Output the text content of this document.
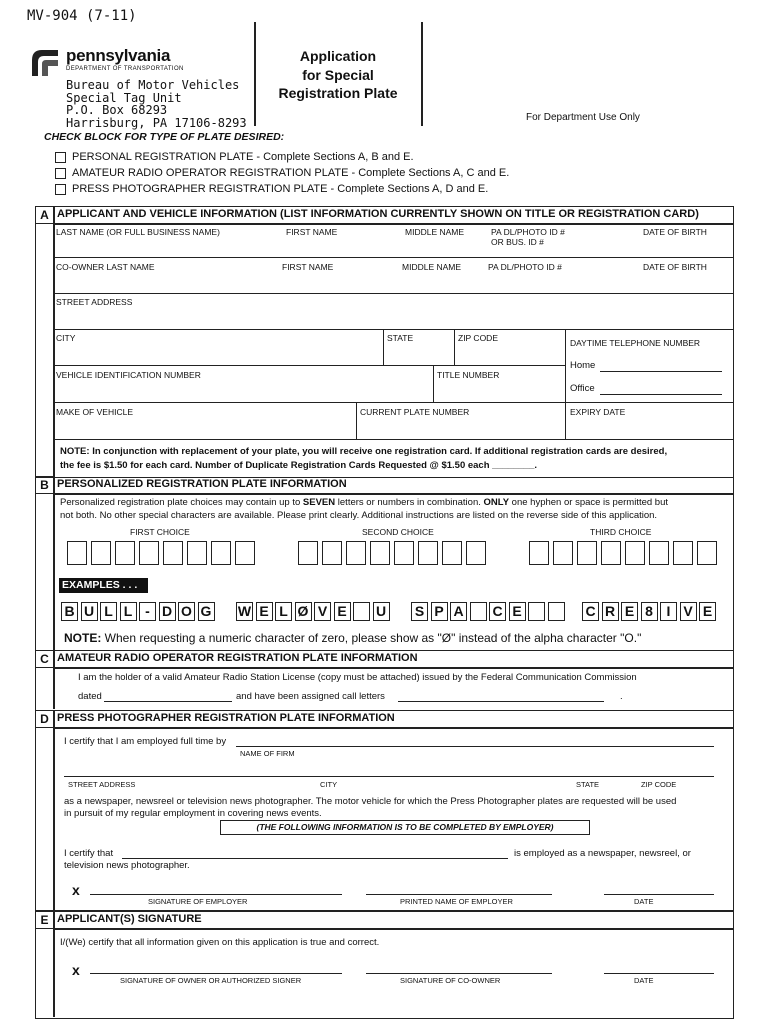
MV-904 (7-11)
pennsylvania
DEPARTMENT OF TRANSPORTATION
Bureau of Motor Vehicles
Special Tag Unit
P.O. Box 68293
Harrisburg, PA 17106-8293
Application
for Special
Registration Plate
For Department Use Only
CHECK BLOCK FOR TYPE OF PLATE DESIRED:
PERSONAL REGISTRATION PLATE - Complete Sections A, B and E.
AMATEUR RADIO OPERATOR REGISTRATION PLATE - Complete Sections A, C and E.
PRESS PHOTOGRAPHER REGISTRATION PLATE - Complete Sections A, D and E.
A APPLICANT AND VEHICLE INFORMATION (LIST INFORMATION CURRENTLY SHOWN ON TITLE OR REGISTRATION CARD)
LAST NAME (OR FULL BUSINESS NAME)	FIRST NAME	MIDDLE NAME	PA DL/PHOTO ID #
OR BUS. ID #
DATE OF BIRTH
CO-OWNER LAST NAME	FIRST NAME	MIDDLE NAME	PA DL/PHOTO ID #	DATE OF BIRTH
STREET ADDRESS
CITY	STATE	ZIP CODE	DAYTIME TELEPHONE NUMBER
Home
Office
VEHICLE IDENTIFICATION NUMBER	TITLE NUMBER
MAKE OF VEHICLE	CURRENT PLATE NUMBER	EXPIRY DATE
NOTE: In conjunction with replacement of your plate, you will receive one registration card. If additional registration cards are desired,
the fee is $1.50 for each card. Number of Duplicate Registration Cards Requested @ $1.50 each ________.
B PERSONALIZED REGISTRATION PLATE INFORMATION
Personalized registration plate choices may contain up to SEVEN letters or numbers in combination. ONLY one hyphen or space is permitted but
not both. No other special characters are available. Please print clearly. Additional instructions are listed on the reverse side of this application.
FIRST CHOICE	SECOND CHOICE	THIRD CHOICE
EXAMPLES . . .
B U L L - D O G W E L Ø V E U S P A C E	C R E 8 I V E
NOTE: When requesting a numeric character of zero, please show as "Ø" instead of the alpha character "O."
C AMATEUR RADIO OPERATOR REGISTRATION PLATE INFORMATION
I am the holder of a valid Amateur Radio Station License (copy must be attached) issued by the Federal Communication Commission
dated	and have been assigned call letters	.
D PRESS PHOTOGRAPHER REGISTRATION PLATE INFORMATION
I certify that I am employed full time by
NAME OF FIRM
STREET ADDRESS	CITY	STATE	ZIP CODE
as a newspaper, newsreel or television news photographer. The motor vehicle for which the Press Photographer plates are requested will be used
in pursuit of my regular employment in covering news events.
(THE FOLLOWING INFORMATION IS TO BE COMPLETED BY EMPLOYER)
I certify that	is employed as a newspaper, newsreel, or
television news photographer.
x
SIGNATURE OF EMPLOYER	PRINTED NAME OF EMPLOYER	DATE
E APPLICANT(S) SIGNATURE
I/(We) certify that all information given on this application is true and correct.
x
SIGNATURE OF OWNER OR AUTHORIZED SIGNER	SIGNATURE OF CO-OWNER	DATE
